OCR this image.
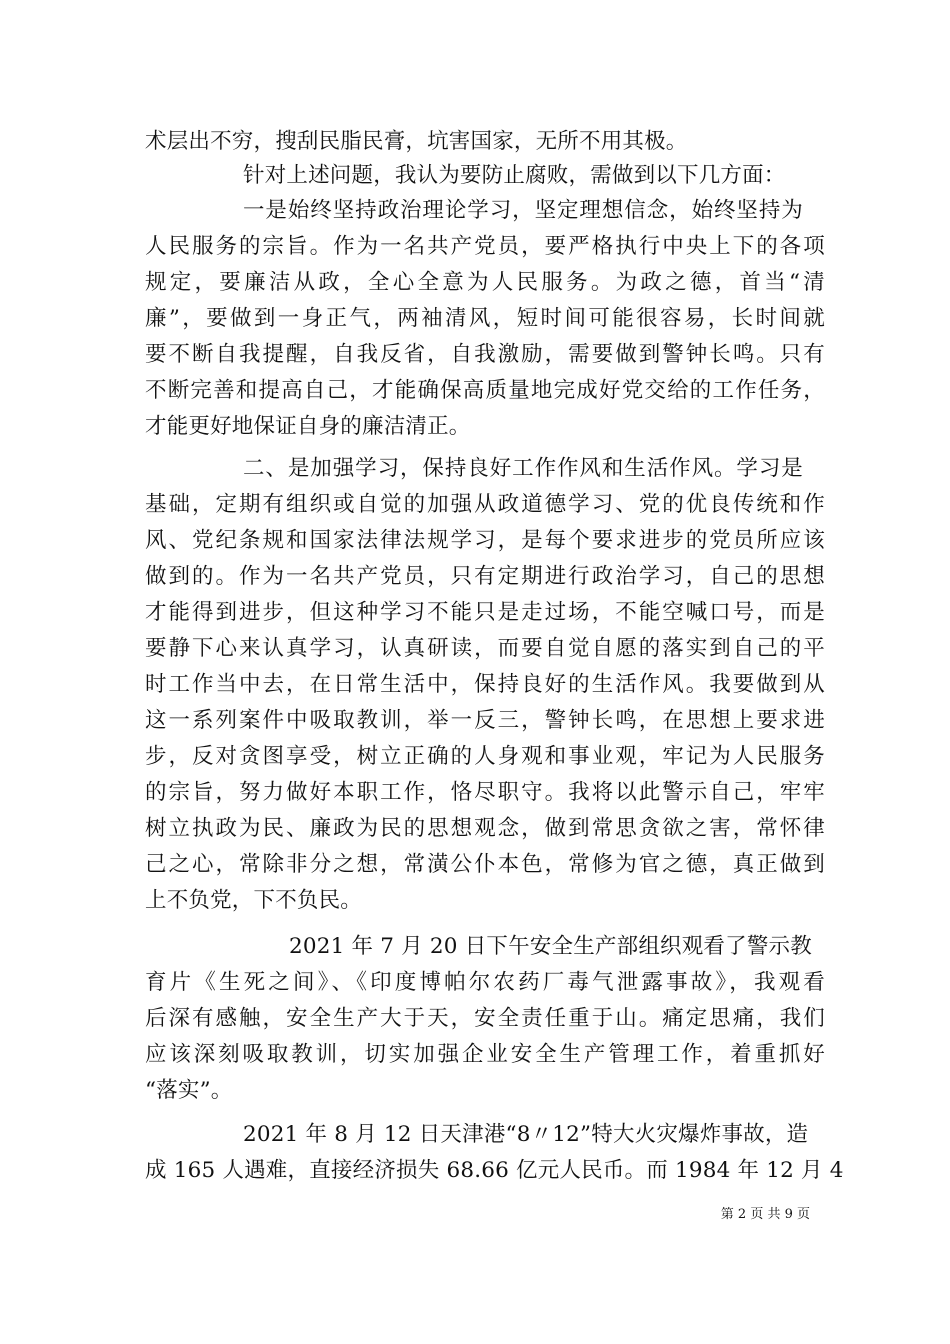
术层出不穷，搜刮民脂民膏，坑害国家，无所不用其极。
针对上述问题，我认为要防止腐败，需做到以下几方面：
一是始终坚持政治理论学习，坚定理想信念，始终坚持为
人民服务的宗旨。作为一名共产党员，要严格执行中央上下的各项
规定，要廉洁从政，全心全意为人民服务。为政之德，首当“清
廉”，要做到一身正气，两袖清风，短时间可能很容易，长时间就
要不断自我提醒，自我反省，自我激励，需要做到警钟长鸣。只有
不断完善和提高自己，才能确保高质量地完成好党交给的工作任务，
才能更好地保证自身的廉洁清正。
二、是加强学习，保持良好工作作风和生活作风。学习是
基础，定期有组织或自觉的加强从政道德学习、党的优良传统和作
风、党纪条规和国家法律法规学习，是每个要求进步的党员所应该
做到的。作为一名共产党员，只有定期进行政治学习，自己的思想
才能得到进步，但这种学习不能只是走过场，不能空喊口号，而是
要静下心来认真学习，认真研读，而要自觉自愿的落实到自己的平
时工作当中去，在日常生活中，保持良好的生活作风。我要做到从
这一系列案件中吸取教训，举一反三，警钟长鸣，在思想上要求进
步，反对贪图享受，树立正确的人身观和事业观，牢记为人民服务
的宗旨，努力做好本职工作，恪尽职守。我将以此警示自己，牢牢
树立执政为民、廉政为民的思想观念，做到常思贪欲之害，常怀律
己之心，常除非分之想，常潢公仆本色，常修为官之德，真正做到
上不负党，下不负民。
2021 年 7 月 20 日下午安全生产部组织观看了警示教
育片《生死之间》、《印度博帕尔农药厂毒气泄露事故》，我观看
后深有感触，安全生产大于天，安全责任重于山。痛定思痛，我们
应该深刻吸取教训，切实加强企业安全生产管理工作，着重抓好
“落实”。
2021 年 8 月 12 日天津港“8〃12”特大火灾爆炸事故，造
成 165 人遇难，直接经济损失 68.66 亿元人民币。而 1984 年 12 月 4
第 2 页 共 9 页
